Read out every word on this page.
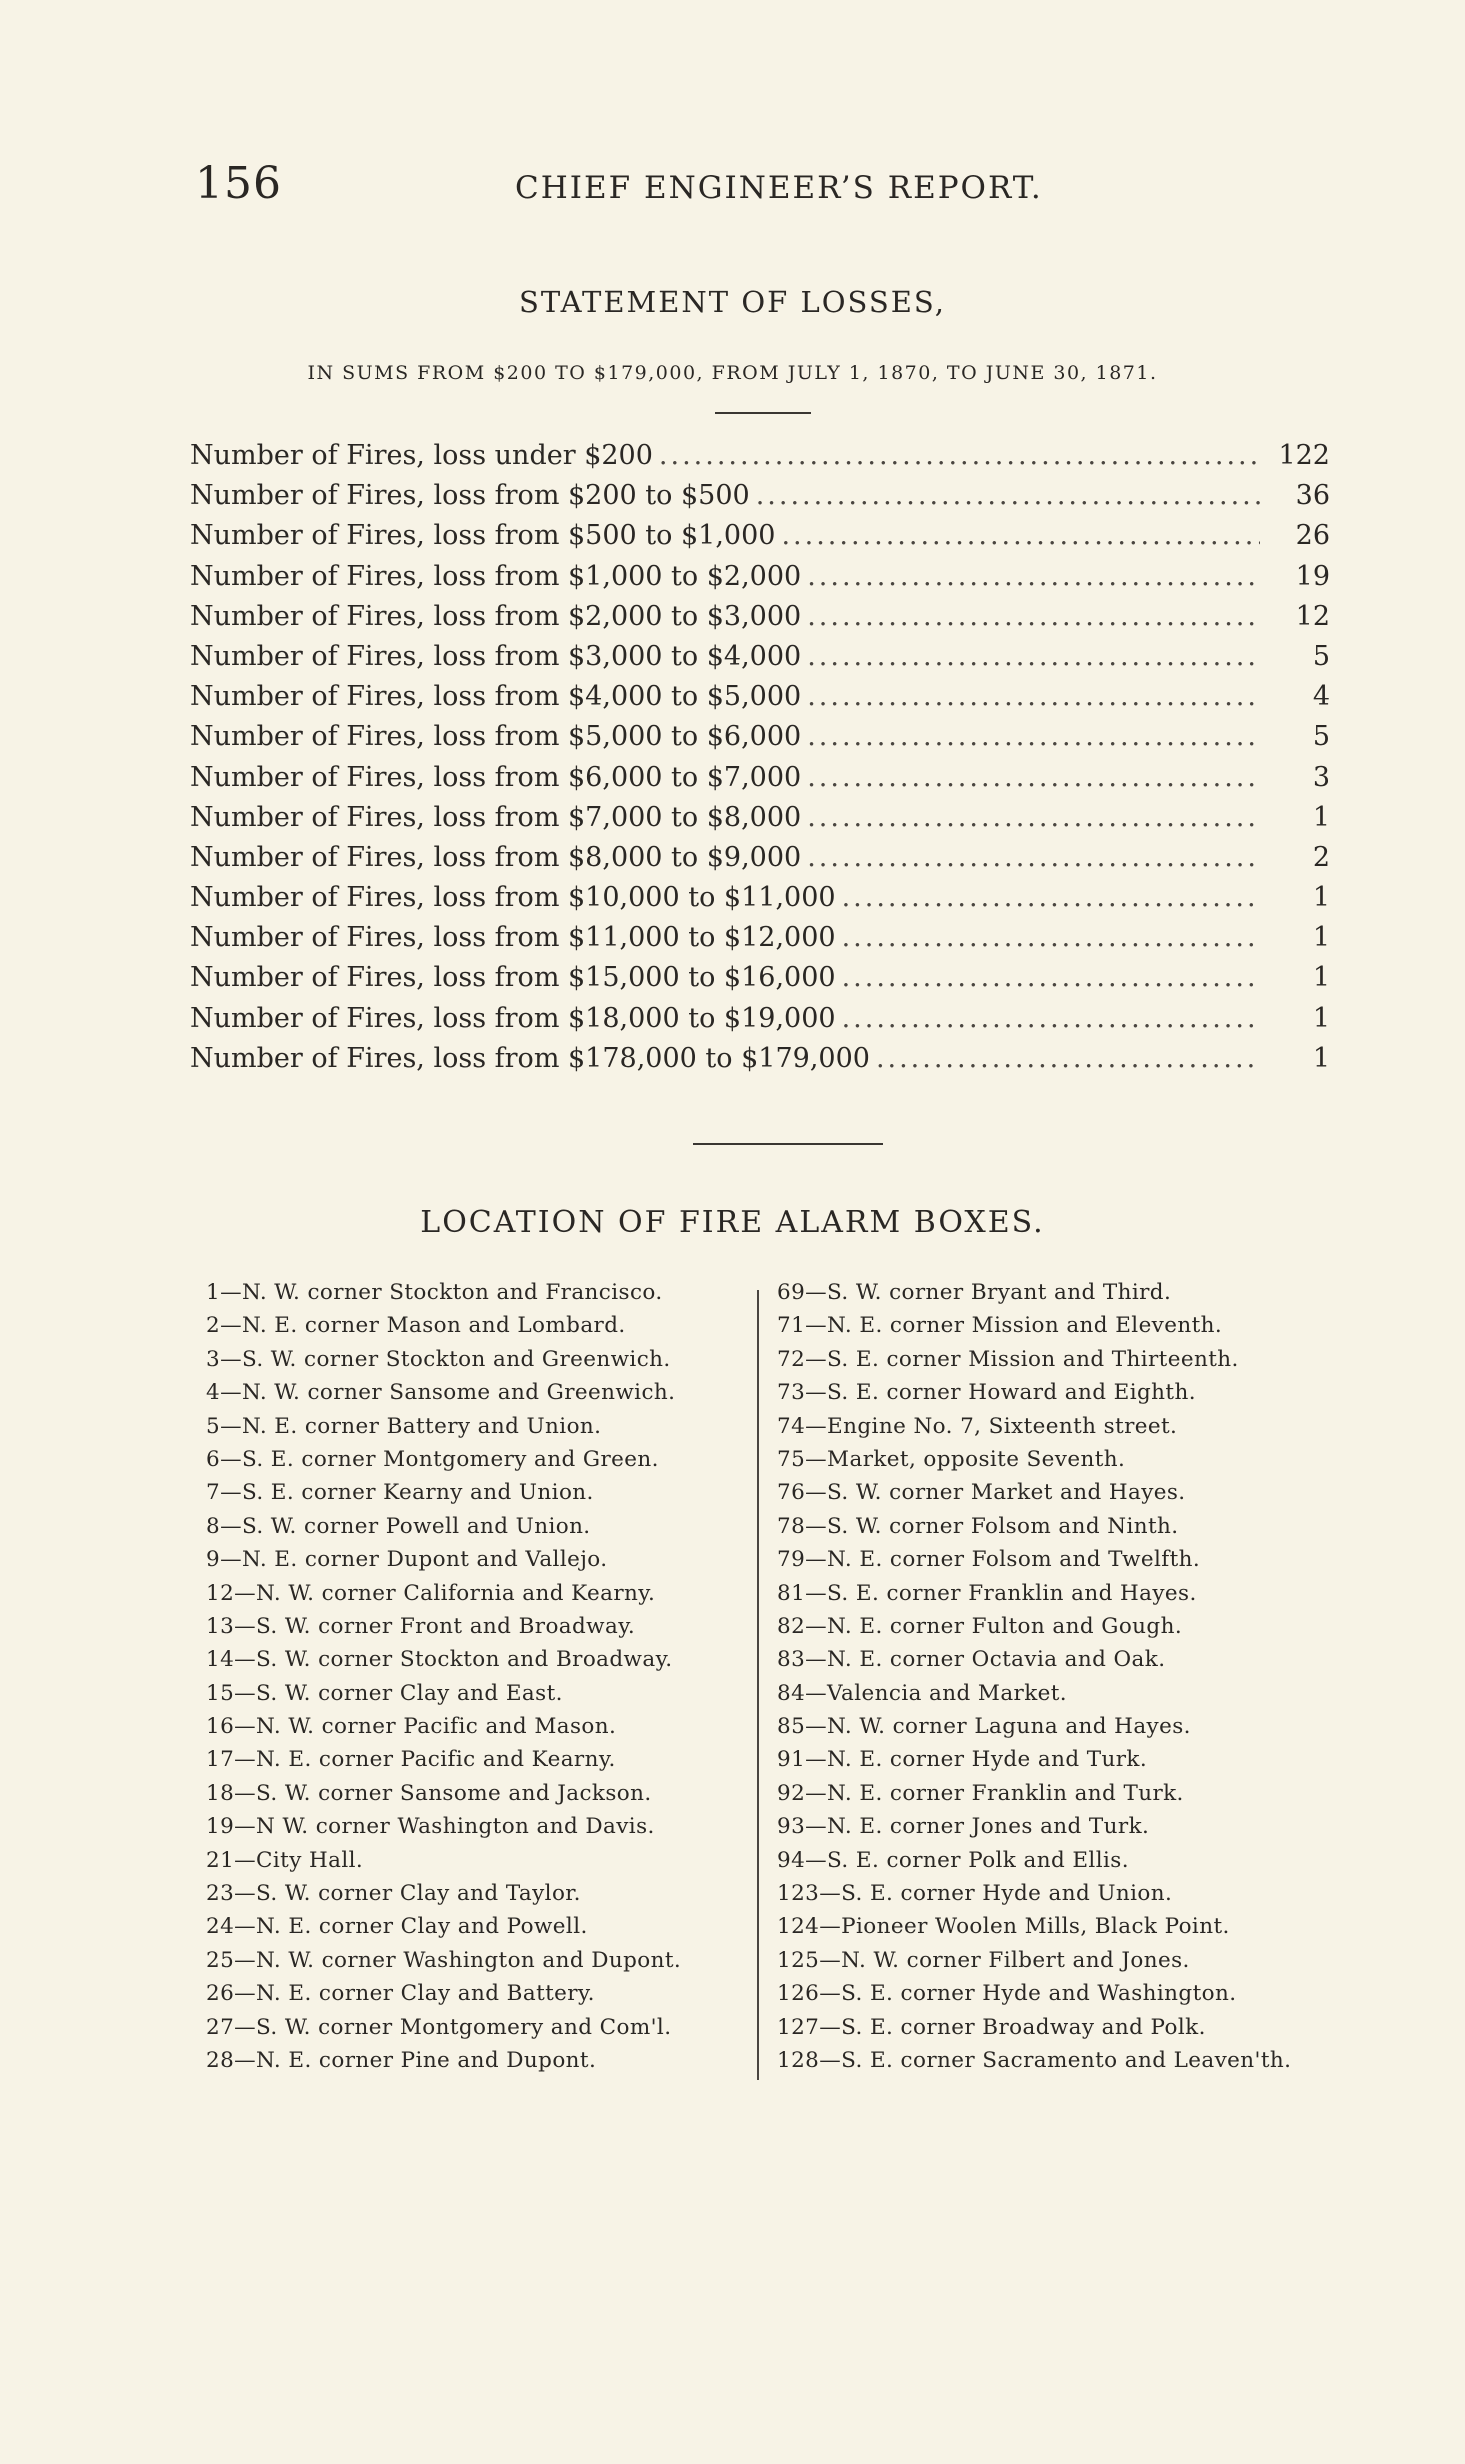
156	CHIEF ENGINEER’S REPORT.
STATEMENT OF LOSSES,
IN SUMS FROM $200 TO $179,000, FROM JULY 1, 1870, TO JUNE 30, 1871.
Number of Fires, loss under $200 .....	122
Number of Fires, loss from $200 to $500 .....	36
Number of Fires, loss from $500 to $1,000 .....	26
Number of Fires, loss from $1,000 to $2,000 .....	19
Number of Fires, loss from $2,000 to $3,000 .....	12
Number of Fires, loss from $3,000 to $4,000 .....	5
Number of Fires, loss from $4,000 to $5,000 .....	4
Number of Fires, loss from $5,000 to $6,000 .....	5
Number of Fires, loss from $6,000 to $7,000 .....	3
Number of Fires, loss from $7,000 to $8,000 .....	1
Number of Fires, loss from $8,000 to $9,000 .....	2
Number of Fires, loss from $10,000 to $11,000 .....	1
Number of Fires, loss from $11,000 to $12,000 .....	1
Number of Fires, loss from $15,000 to $16,000 .....	1
Number of Fires, loss from $18,000 to $19,000 .....	1
Number of Fires, loss from $178,000 to $179,000 .....	1
LOCATION OF FIRE ALARM BOXES.
1—N. W. corner Stockton and Francisco.
2—N. E. corner Mason and Lombard.
3—S. W. corner Stockton and Greenwich.
4—N. W. corner Sansome and Greenwich.
5—N. E. corner Battery and Union.
6—S. E. corner Montgomery and Green.
7—S. E. corner Kearny and Union.
8—S. W. corner Powell and Union.
9—N. E. corner Dupont and Vallejo.
12—N. W. corner California and Kearny.
13—S. W. corner Front and Broadway.
14—S. W. corner Stockton and Broadway.
15—S. W. corner Clay and East.
16—N. W. corner Pacific and Mason.
17—N. E. corner Pacific and Kearny.
18—S. W. corner Sansome and Jackson.
19—N W. corner Washington and Davis.
21—City Hall.
23—S. W. corner Clay and Taylor.
24—N. E. corner Clay and Powell.
25—N. W. corner Washington and Dupont.
26—N. E. corner Clay and Battery.
27—S. W. corner Montgomery and Com'l.
28—N. E. corner Pine and Dupont.
69—S. W. corner Bryant and Third.
71—N. E. corner Mission and Eleventh.
72—S. E. corner Mission and Thirteenth.
73—S. E. corner Howard and Eighth.
74—Engine No. 7, Sixteenth street.
75—Market, opposite Seventh.
76—S. W. corner Market and Hayes.
78—S. W. corner Folsom and Ninth.
79—N. E. corner Folsom and Twelfth.
81—S. E. corner Franklin and Hayes.
82—N. E. corner Fulton and Gough.
83—N. E. corner Octavia and Oak.
84—Valencia and Market.
85—N. W. corner Laguna and Hayes.
91—N. E. corner Hyde and Turk.
92—N. E. corner Franklin and Turk.
93—N. E. corner Jones and Turk.
94—S. E. corner Polk and Ellis.
123—S. E. corner Hyde and Union.
124—Pioneer Woolen Mills, Black Point.
125—N. W. corner Filbert and Jones.
126—S. E. corner Hyde and Washington.
127—S. E. corner Broadway and Polk.
128—S. E. corner Sacramento and Leaven'th.
